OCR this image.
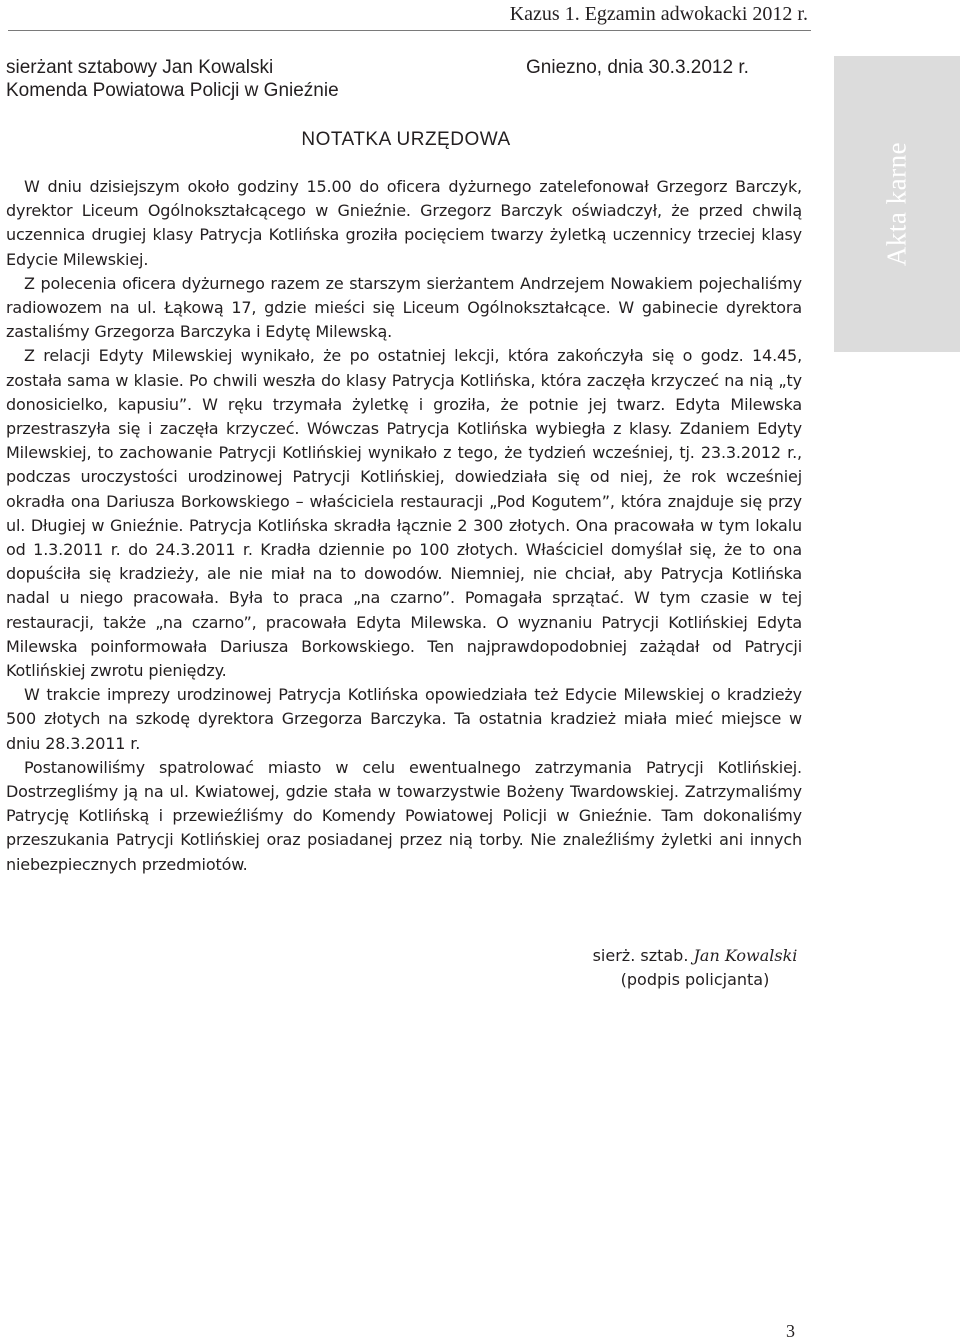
Kazus 1. Egzamin adwokacki 2012 r.
sierżant sztabowy Jan Kowalski
Komenda Powiatowa Policji w Gnieźnie
Gniezno, dnia 30.3.2012 r.
NOTATKA URZĘDOWA

W dniu dzisiejszym około godziny 15.00 do oficera dyżurnego zatelefonował Grzegorz Barczyk, dyrektor Liceum Ogólnokształcącego w Gnieźnie. Grzegorz Barczyk oświadczył, że przed chwilą uczennica drugiej klasy Patrycja Kotlińska groziła pocięciem twarzy żyletką uczennicy trzeciej klasy Edycie Milewskiej.

Z polecenia oficera dyżurnego razem ze starszym sierżantem Andrzejem Nowakiem pojechaliśmy radiowozem na ul. Łąkową 17, gdzie mieści się Liceum Ogólnokształcące. W gabinecie dyrektora zastaliśmy Grzegorza Barczyka i Edytę Milewską.

Z relacji Edyty Milewskiej wynikało, że po ostatniej lekcji, która zakończyła się o godz. 14.45, została sama w klasie. Po chwili weszła do klasy Patrycja Kotlińska, która zaczęła krzyczeć na nią „ty donosicielko, kapusiu”. W ręku trzymała żyletkę i groziła, że potnie jej twarz. Edyta Milewska przestraszyła się i zaczęła krzyczeć. Wówczas Patrycja Kotlińska wybiegła z klasy. Zdaniem Edyty Milewskiej, to zachowanie Patrycji Kotlińskiej wynikało z tego, że tydzień wcześniej, tj. 23.3.2012 r., podczas uroczystości urodzinowej Patrycji Kotlińskiej, dowiedziała się od niej, że rok wcześniej okradła ona Dariusza Borkowskiego – właściciela restauracji „Pod Kogutem”, która znajduje się przy ul. Długiej w Gnieźnie. Patrycja Kotlińska skradła łącznie 2 300 złotych. Ona pracowała w tym lokalu od 1.3.2011 r. do 24.3.2011 r. Kradła dziennie po 100 złotych. Właściciel domyślał się, że to ona dopuściła się kradzieży, ale nie miał na to dowodów. Niemniej, nie chciał, aby Patrycja Kotlińska nadal u niego pracowała. Była to praca „na czarno”. Pomagała sprzątać. W tym czasie w tej restauracji, także „na czarno”, pracowała Edyta Milewska. O wyznaniu Patrycji Kotlińskiej Edyta Milewska poinformowała Dariusza Borkowskiego. Ten najprawdopodobniej zażądał od Patrycji Kotlińskiej zwrotu pieniędzy.

W trakcie imprezy urodzinowej Patrycja Kotlińska opowiedziała też Edycie Milewskiej o kradzieży 500 złotych na szkodę dyrektora Grzegorza Barczyka. Ta ostatnia kradzież miała mieć miejsce w dniu 28.3.2011 r.

Postanowiliśmy spatrolować miasto w celu ewentualnego zatrzymania Patrycji Kotlińskiej. Dostrzegliśmy ją na ul. Kwiatowej, gdzie stała w towarzystwie Bożeny Twardowskiej. Zatrzymaliśmy Patrycję Kotlińską i przewieźliśmy do Komendy Powiatowej Policji w Gnieźnie. Tam dokonaliśmy przeszukania Patrycji Kotlińskiej oraz posiadanej przez nią torby. Nie znaleźliśmy żyletki ani innych niebezpiecznych przedmiotów.

sierż. sztab. Jan Kowalski
(podpis policjanta)
Akta karne
3
